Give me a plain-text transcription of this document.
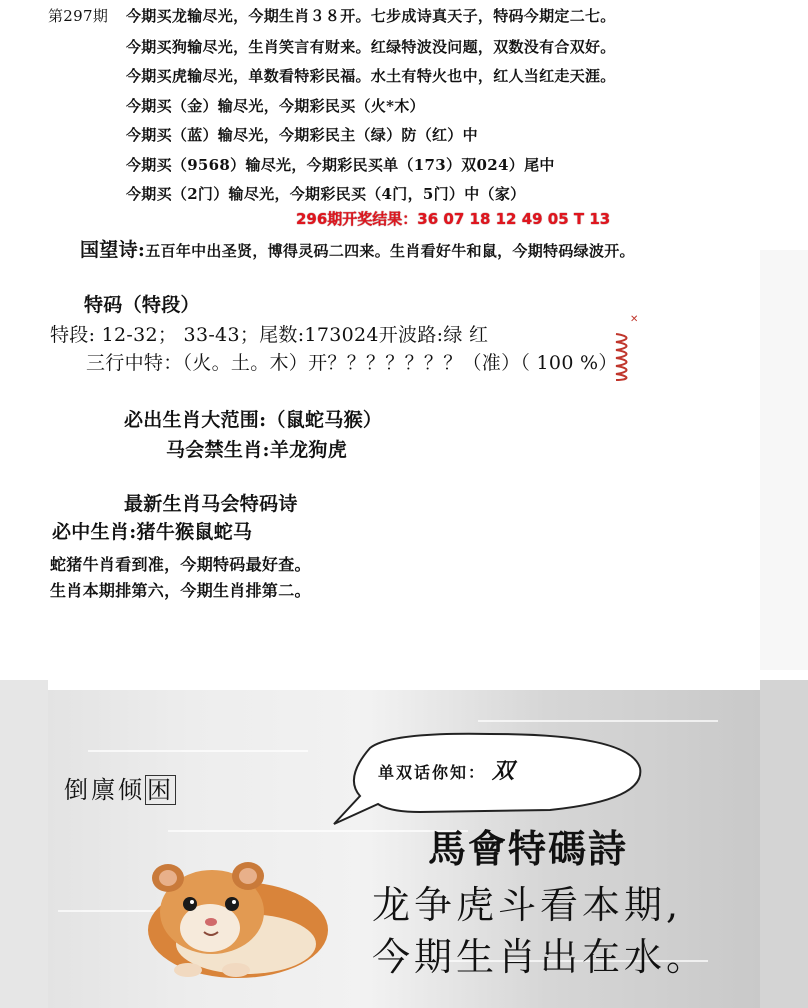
第297期 今期买龙输尽光，今期生肖３８开。七步成诗真天子，特码今期定二七。
今期买狗输尽光，生肖笑言有财来。红绿特波没问题，双数没有合双好。
今期买虎输尽光，单数看特彩民福。水土有特火也中，红人当红走天涯。
今期买（金）输尽光，今期彩民买（火*木）
今期买（蓝）输尽光，今期彩民主（绿）防（红）中
今期买（9568）输尽光，今期彩民买单（173）双024）尾中
今期买（2门）输尽光，今期彩民买（4门，5门）中（家）
296期开奖结果：36 07 18 12 49 05 T 13
国望诗:五百年中出圣贤，博得灵码二四来。生肖看好牛和鼠，今期特码绿波开。
特码（特段）
特段: 12-32； 33-43；尾数:173024开波路:绿 红
三行中特：（火。土。木）开？？？？？？？（准）（ 100 %）
✕
必出生肖大范围:（鼠蛇马猴）
马会禁生肖:羊龙狗虎
最新生肖马会特码诗
必中生肖:猪牛猴鼠蛇马
蛇猪牛肖看到准，今期特码最好查。
生肖本期排第六，今期生肖排第二。
单双话你知： 双
倒廪倾困
馬會特碼詩
龙争虎斗看本期,
今期生肖出在水。
